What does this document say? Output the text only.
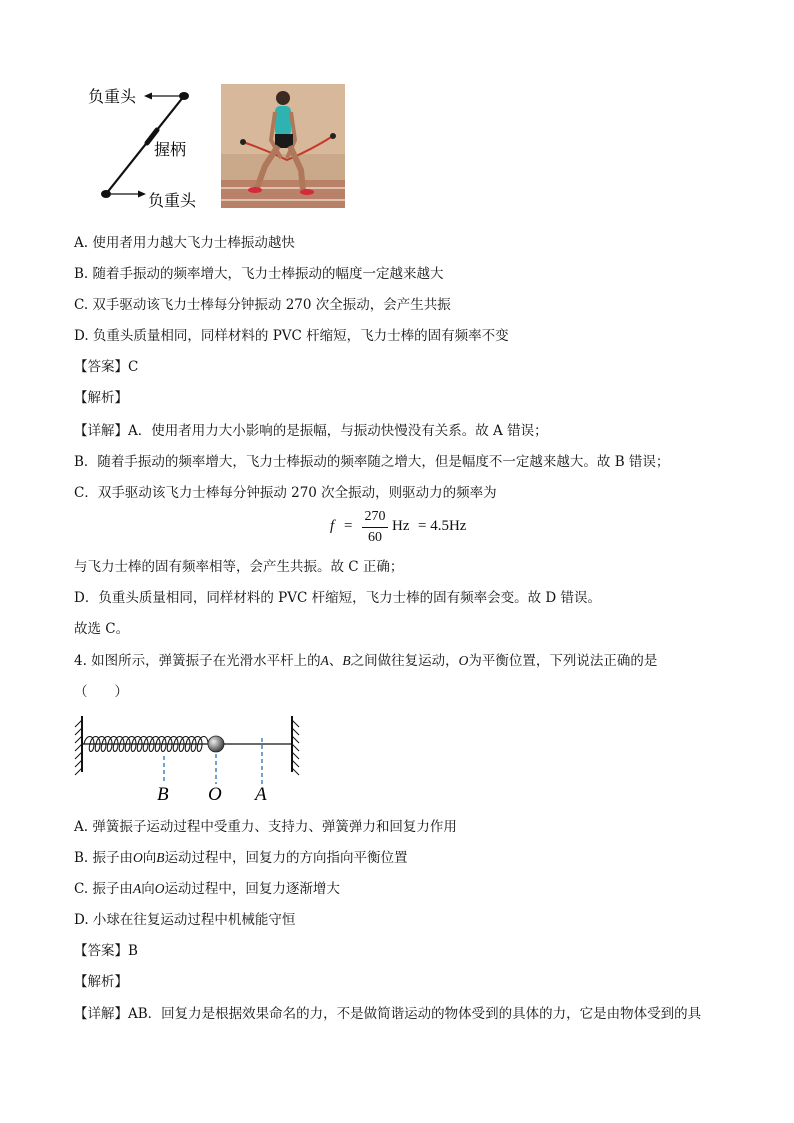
负重头
握柄
负重头
A. 使用者用力越大飞力士棒振动越快
B. 随着手振动的频率增大，飞力士棒振动的幅度一定越来越大
C. 双手驱动该飞力士棒每分钟振动 270 次全振动，会产生共振
D. 负重头质量相同，同样材料的 PVC 杆缩短，飞力士棒的固有频率不变
【答案】C
【解析】
【详解】A．使用者用力大小影响的是振幅，与振动快慢没有关系。故 A 错误；
B．随着手振动的频率增大，飞力士棒振动的频率随之增大，但是幅度不一定越来越大。故 B 错误；
C．双手驱动该飞力士棒每分钟振动 270 次全振动，则驱动力的频率为
f =
270
60
Hz = 4.5Hz
与飞力士棒的固有频率相等，会产生共振。故 C 正确；
D．负重头质量相同，同样材料的 PVC 杆缩短，飞力士棒的固有频率会变。故 D 错误。
故选 C。
4. 如图所示，弹簧振子在光滑水平杆上的A、B之间做往复运动，O为平衡位置，下列说法正确的是
（　　）
B O A
A. 弹簧振子运动过程中受重力、支持力、弹簧弹力和回复力作用
B. 振子由O向B运动过程中，回复力的方向指向平衡位置
C. 振子由A向O运动过程中，回复力逐渐增大
D. 小球在往复运动过程中机械能守恒
【答案】B
【解析】
【详解】AB．回复力是根据效果命名的力，不是做简谐运动的物体受到的具体的力，它是由物体受到的具
